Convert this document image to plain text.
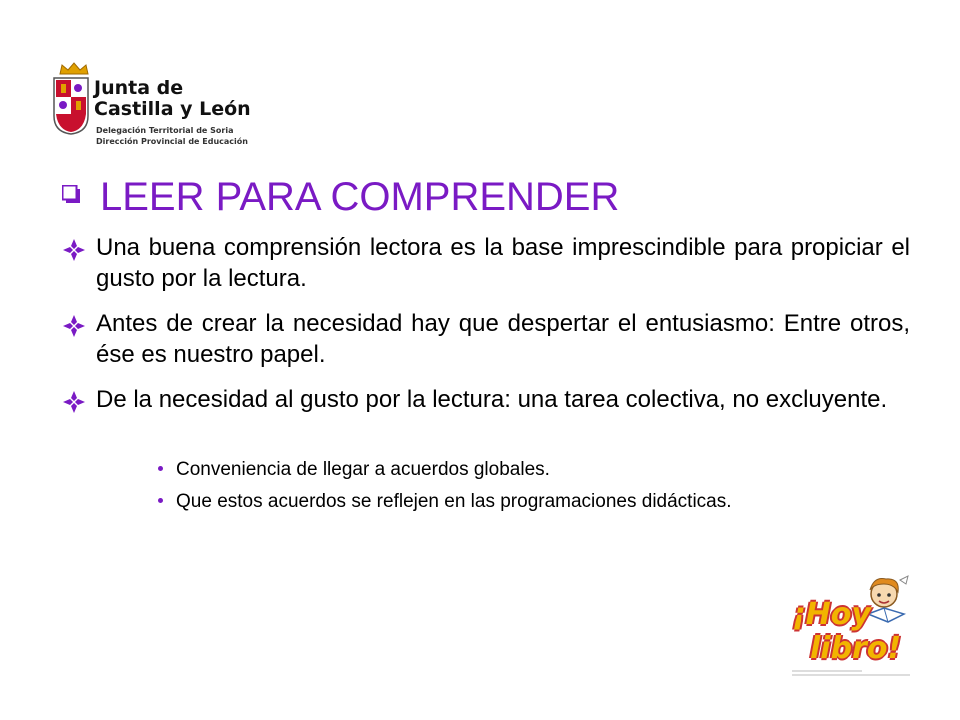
Junta de
Castilla y León
Delegación Territorial de Soria
Dirección Provincial de Educación
LEER PARA COMPRENDER
Una buena comprensión lectora es la base imprescindible para propiciar el gusto por la lectura.
Antes de crear la necesidad hay que despertar el entusiasmo: Entre otros, ése es nuestro papel.
De la necesidad al gusto por la lectura: una tarea colectiva, no excluyente.
Conveniencia de llegar a acuerdos globales.
Que estos acuerdos se reflejen en las programaciones didácticas.
¡Hoy
libro!
